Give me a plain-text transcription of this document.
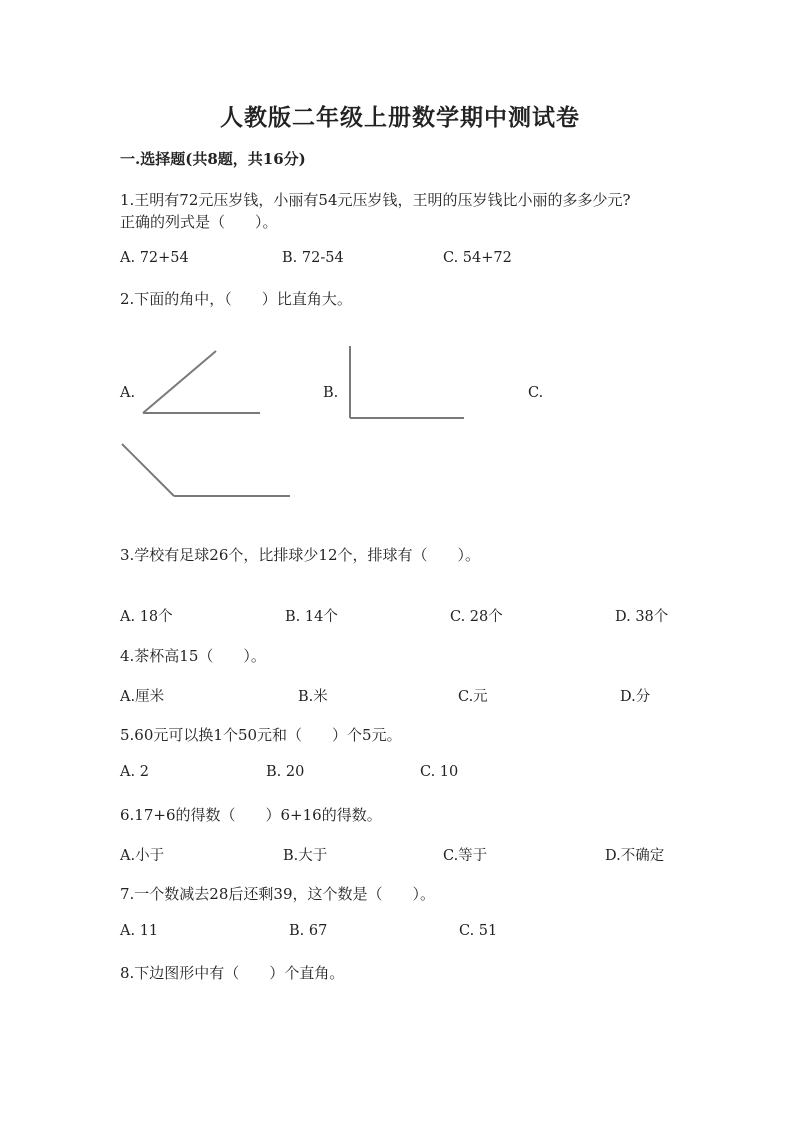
人教版二年级上册数学期中测试卷
一.选择题(共8题，共16分)
1.王明有72元压岁钱，小丽有54元压岁钱，王明的压岁钱比小丽的多多少元?
正确的列式是（　　）。
A. 72+54	B. 72-54	C. 54+72
2.下面的角中，（　　）比直角大。
A.	B.	C.
3.学校有足球26个，比排球少12个，排球有（　　）。
A. 18个	B. 14个	C. 28个	D. 38个
4.茶杯高15（　　）。
A.厘米	B.米	C.元	D.分
5.60元可以换1个50元和（　　）个5元。
A. 2	B. 20	C. 10
6.17+6的得数（　　）6+16的得数。
A.小于	B.大于	C.等于	D.不确定
7.一个数减去28后还剩39，这个数是（　　）。
A. 11	B. 67	C. 51
8.下边图形中有（　　）个直角。
